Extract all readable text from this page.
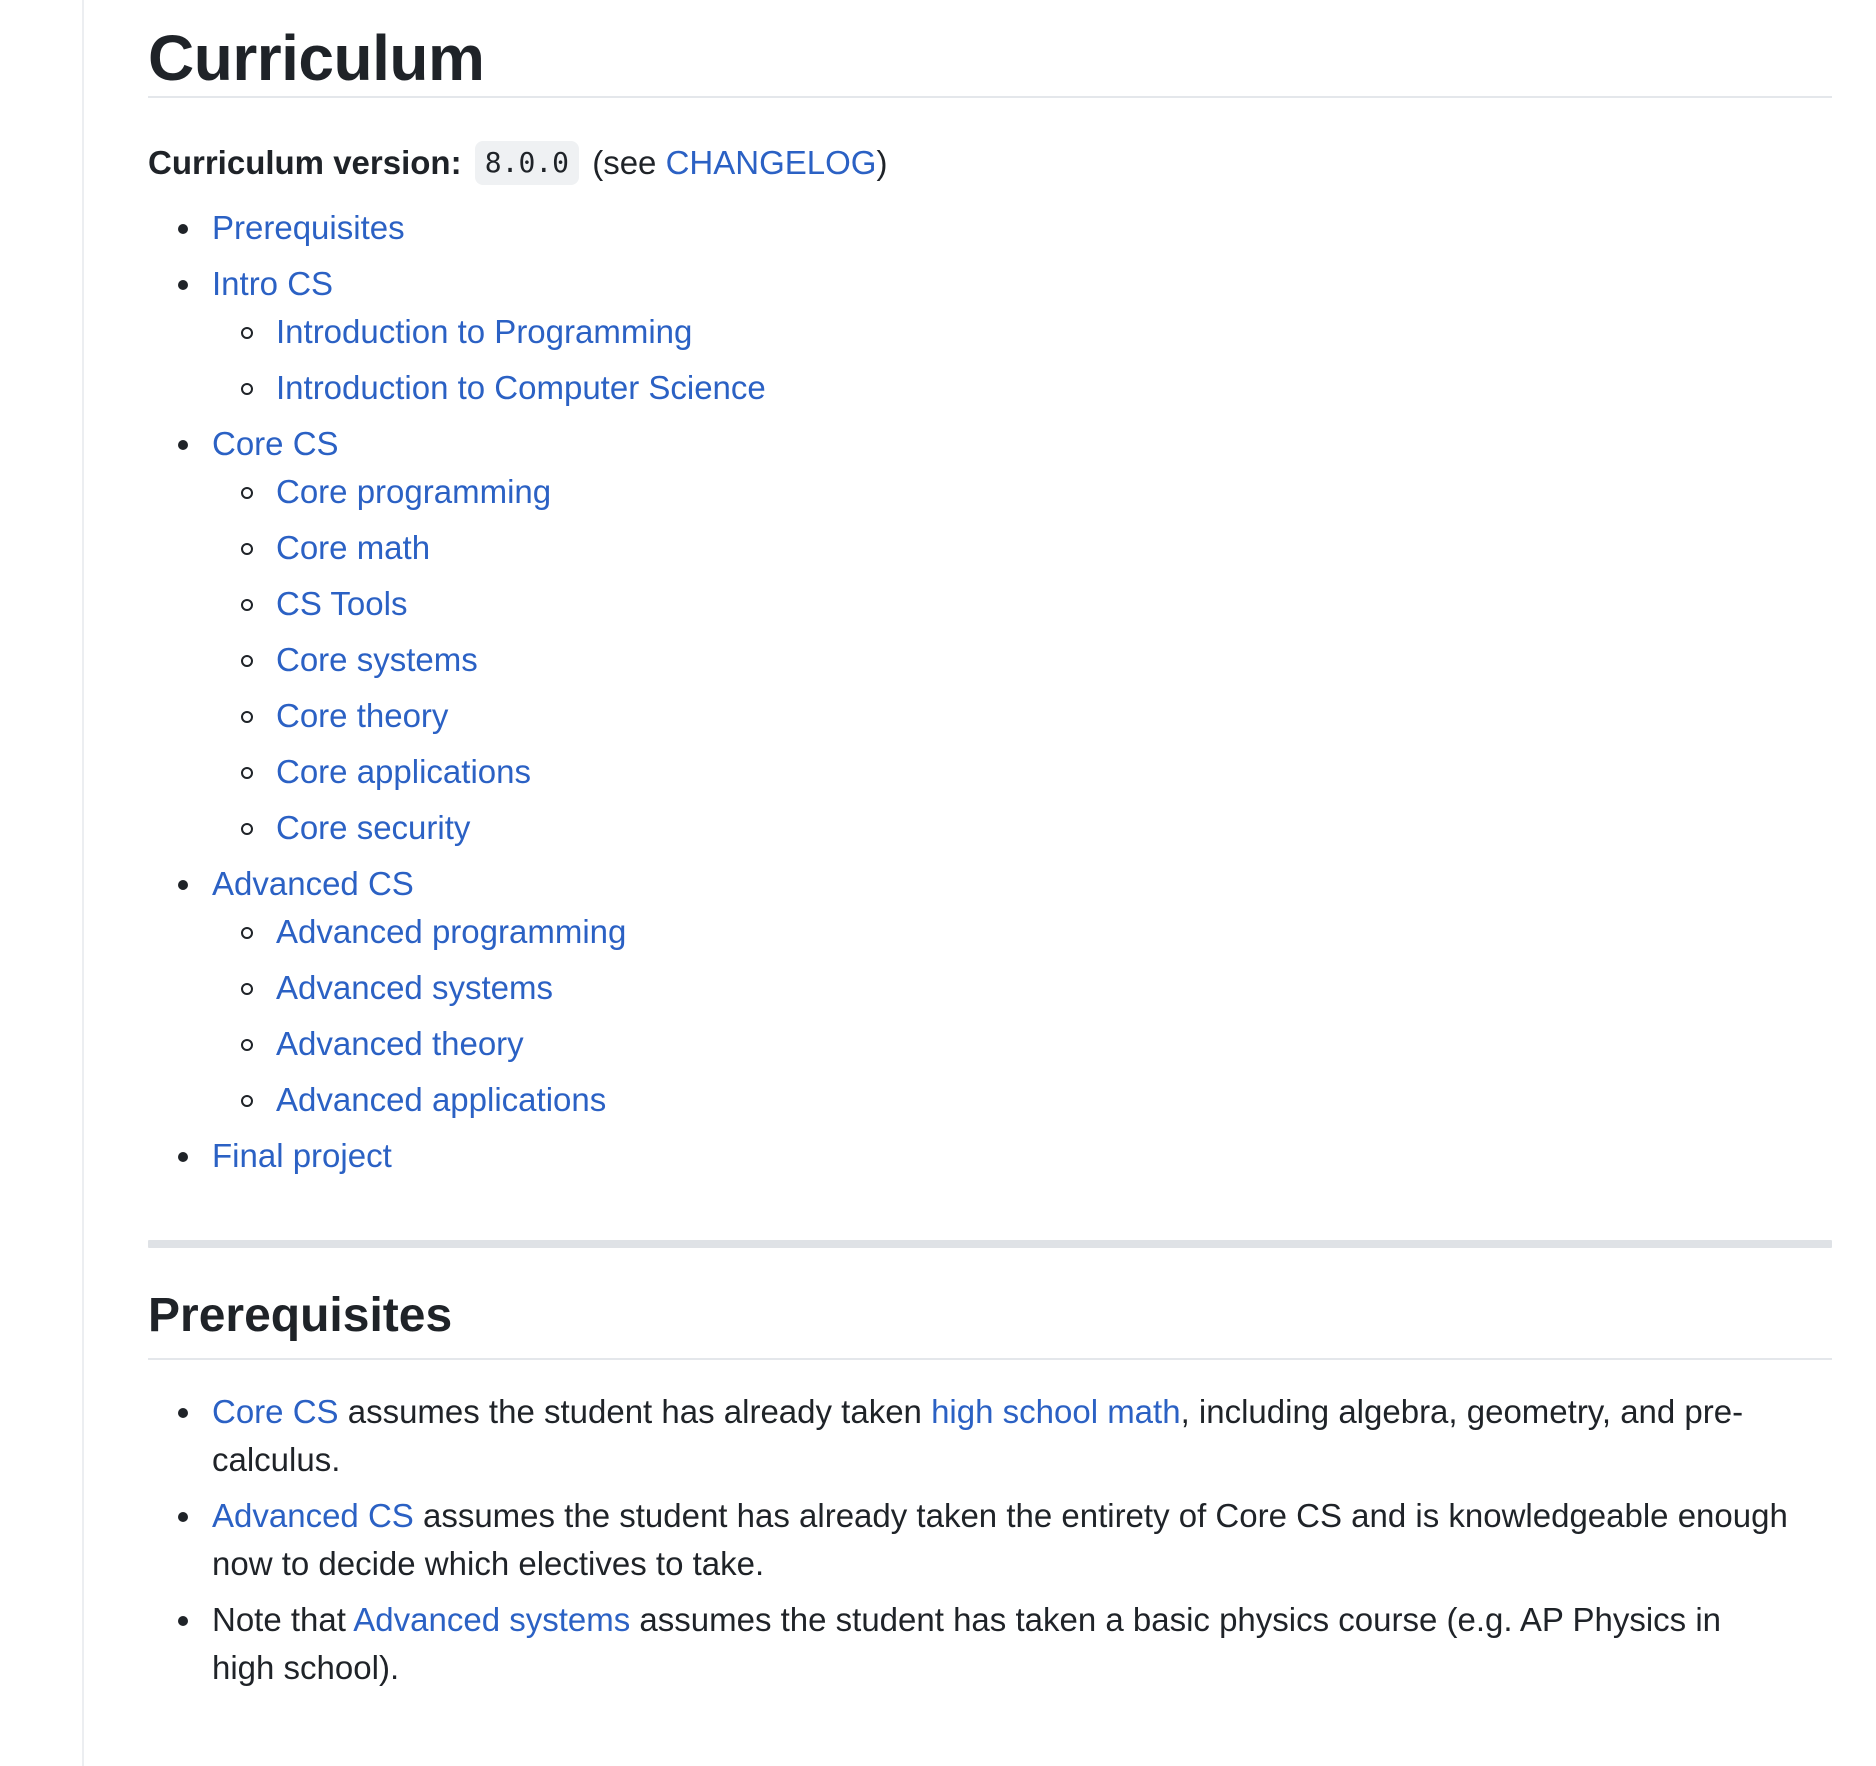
Curriculum
Curriculum version: 8.0.0 (see CHANGELOG)
Prerequisites
Intro CS
Introduction to Programming
Introduction to Computer Science
Core CS
Core programming
Core math
CS Tools
Core systems
Core theory
Core applications
Core security
Advanced CS
Advanced programming
Advanced systems
Advanced theory
Advanced applications
Final project
Prerequisites
Core CS assumes the student has already taken high school math, including algebra, geometry, and pre-calculus.
Advanced CS assumes the student has already taken the entirety of Core CS and is knowledgeable enough now to decide which electives to take.
Note that Advanced systems assumes the student has taken a basic physics course (e.g. AP Physics in high school).
